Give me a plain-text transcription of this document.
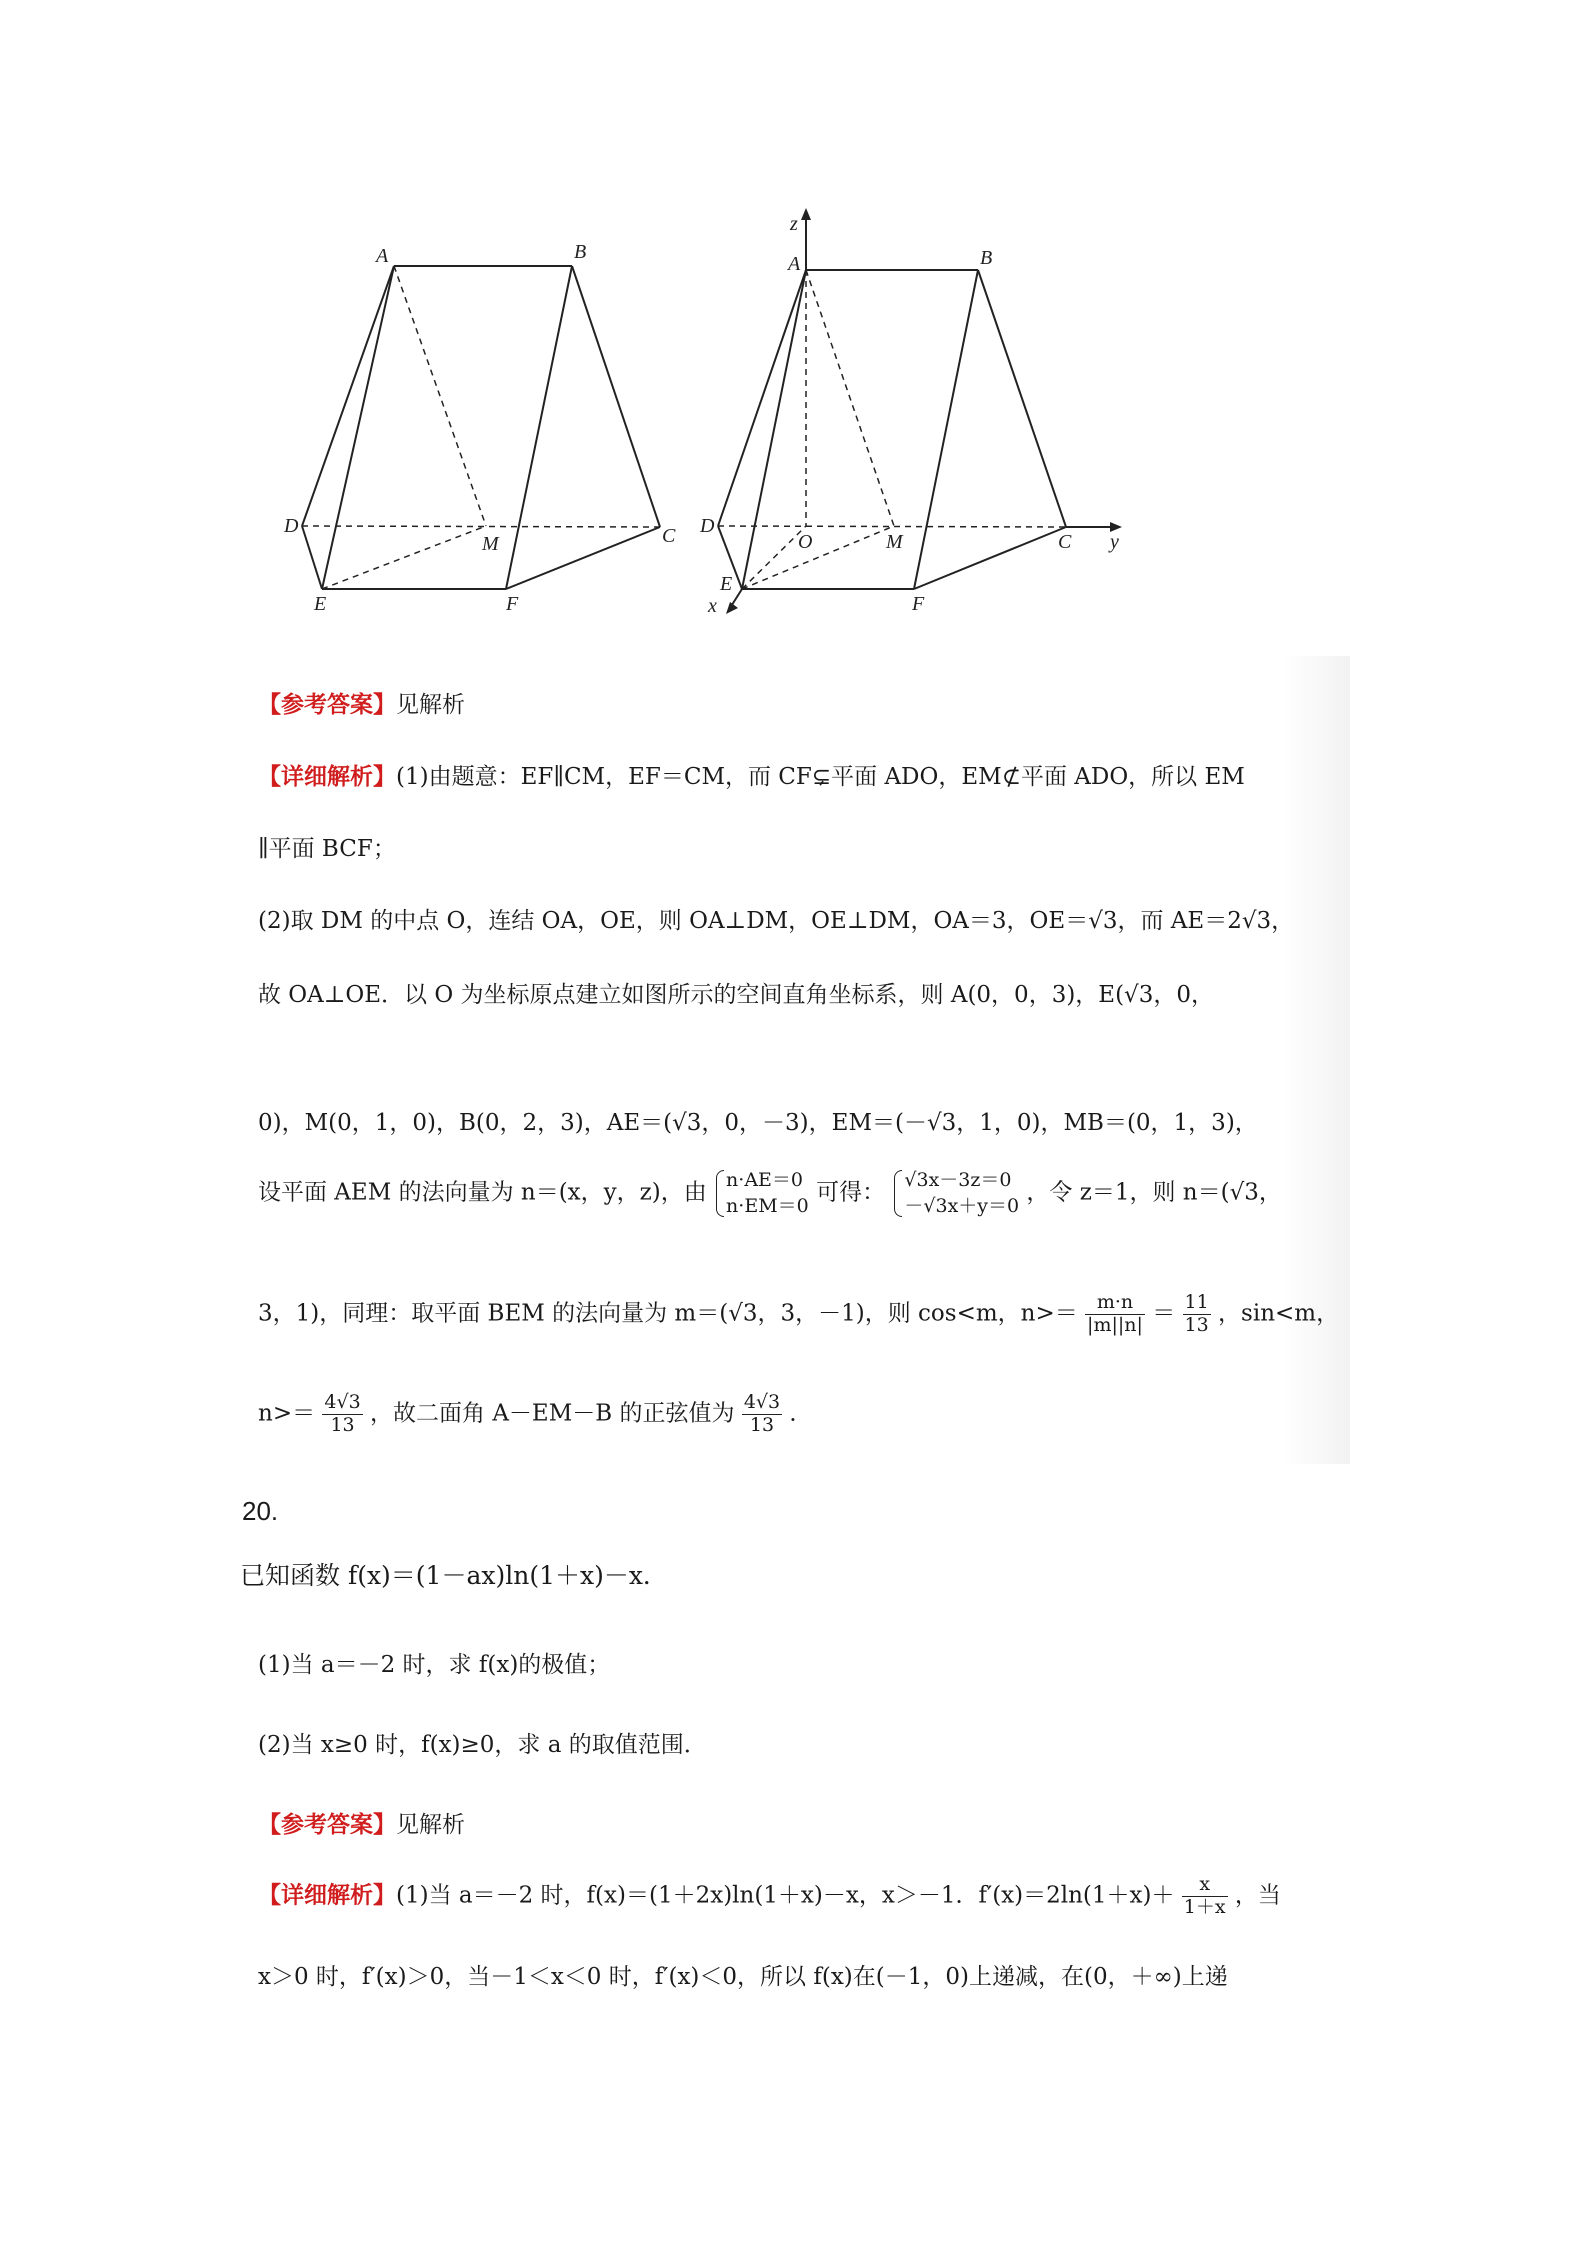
A	B
C
D
E	F
M
A	B
C
D
E
F
M
O
x
y
z
【参考答案】见解析
【详细解析】(1)由题意：EF∥CM，EF＝CM，而 CF⊊平面 ADO，EM⊄平面 ADO，所以 EM
∥平面 BCF；
(2)取 DM 的中点 O，连结 OA，OE，则 OA⊥DM，OE⊥DM，OA＝3，OE＝√3，而 AE＝2√3，
故 OA⊥OE．以 O 为坐标原点建立如图所示的空间直角坐标系，则 A(0，0，3)，E(√3，0，
0)，M(0，1，0)，B(0，2，3)，AE＝(√3，0，－3)，EM＝(－√3，1，0)，MB＝(0，1，3)，
设平面 AEM 的法向量为 n＝(x，y，z)，由 n·AE＝0
n·EM＝0 可得： √3x－3z＝0
－√3x＋y＝0 ，令 z＝1，则 n＝(√3，
3，1)，同理：取平面 BEM 的法向量为 m＝(√3，3，－1)，则 cos<m，$n>= \frac{m\cdot n}{|m||n|} = \frac{11}{13}$ ，sin<m，
$n>= \frac{4√3}{13}$ ，故二面角 A－EM－B 的正弦值为 $\frac{4√3}{13}$ ．
20.
已知函数 f(x)＝(1－ax)ln(1＋x)－x．
(1)当 a＝－2 时，求 f(x)的极值；
(2)当 x≥0 时，f(x)≥0，求 a 的取值范围．
【参考答案】见解析
【详细解析】(1)当 a＝－2 时，f(x)＝(1＋2x)ln(1＋x)－x，x＞－1．$f'(x)=2\ln(1+x)+ \frac{x}{1+x}$ ，当
x＞0 时，f′(x)＞0，当－1＜x＜0 时，f′(x)＜0，所以 f(x)在(－1，0)上递减，在(0，＋∞)上递
